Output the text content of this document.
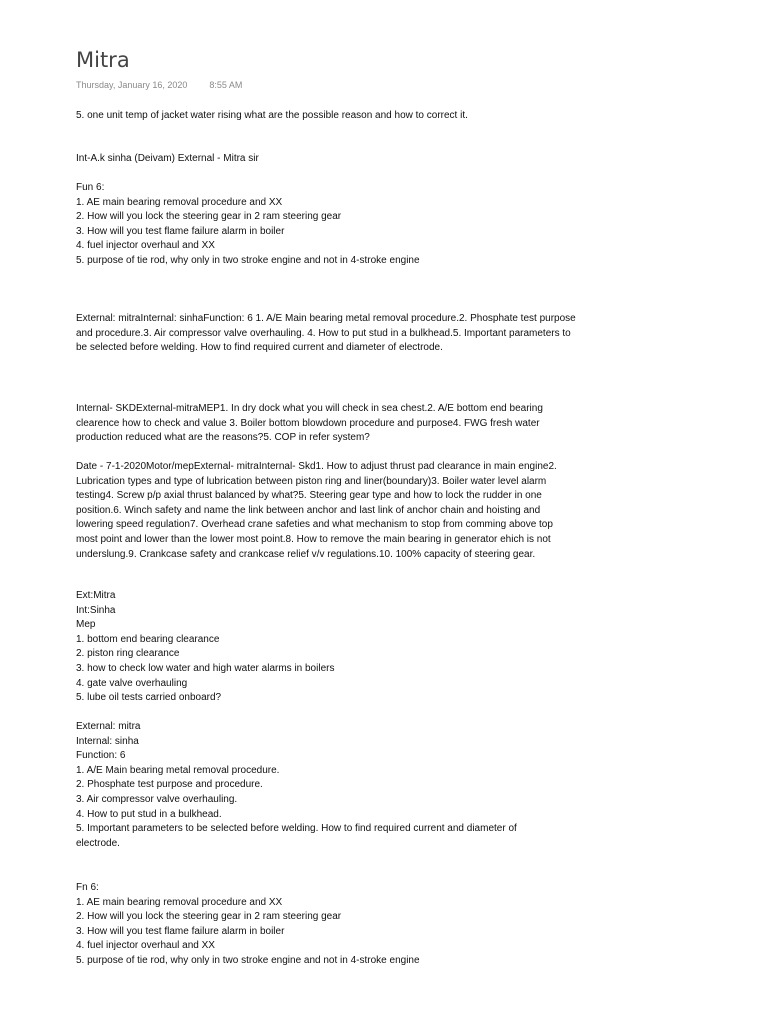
Mitra
Thursday, January 16, 2020 8:55 AM
5. one unit temp of jacket water rising what are the possible reason and how to correct it.
Int-A.k sinha (Deivam) External - Mitra sir
Fun 6:
1. AE main bearing removal procedure and XX
2. How will you lock the steering gear in 2 ram steering gear
3. How will you test flame failure alarm in boiler
4. fuel injector overhaul and XX
5. purpose of tie rod, why only in two stroke engine and not in 4-stroke engine
External: mitraInternal: sinhaFunction: 6 1. A/E Main bearing metal removal procedure.2. Phosphate test purpose and procedure.3. Air compressor valve overhauling. 4. How to put stud in a bulkhead.5. Important parameters to be selected before welding. How to find required current and diameter of electrode.
Internal- SKDExternal-mitraMEP1. In dry dock what you will check in sea chest.2. A/E bottom end bearing clearence how to check and value 3. Boiler bottom blowdown procedure and purpose4. FWG fresh water production reduced what are the reasons?5. COP in refer system?
Date - 7-1-2020Motor/mepExternal- mitraInternal- Skd1. How to adjust thrust pad clearance in main engine2. Lubrication types and type of lubrication between piston ring and liner(boundary)3. Boiler water level alarm testing4. Screw p/p axial thrust balanced by what?5. Steering gear type and how to lock the rudder in one position.6. Winch safety and name the link between anchor and last link of anchor chain and hoisting and lowering speed regulation7. Overhead crane safeties and what mechanism to stop from comming above top most point and lower than the lower most point.8. How to remove the main bearing in generator ehich is not underslung.9. Crankcase safety and crankcase relief v/v regulations.10. 100% capacity of steering gear.
Ext:Mitra
Int:Sinha
Mep
1. bottom end bearing clearance
2. piston ring clearance
3. how to check low water and high water alarms in boilers
4. gate valve overhauling
5. lube oil tests carried onboard?
External: mitra
Internal: sinha
Function: 6
1. A/E Main bearing metal removal procedure.
2. Phosphate test purpose and procedure.
3. Air compressor valve overhauling.
4. How to put stud in a bulkhead.
5. Important parameters to be selected before welding. How to find required current and diameter of
electrode.
Fn 6:
1. AE main bearing removal procedure and XX
2. How will you lock the steering gear in 2 ram steering gear
3. How will you test flame failure alarm in boiler
4. fuel injector overhaul and XX
5. purpose of tie rod, why only in two stroke engine and not in 4-stroke engine
